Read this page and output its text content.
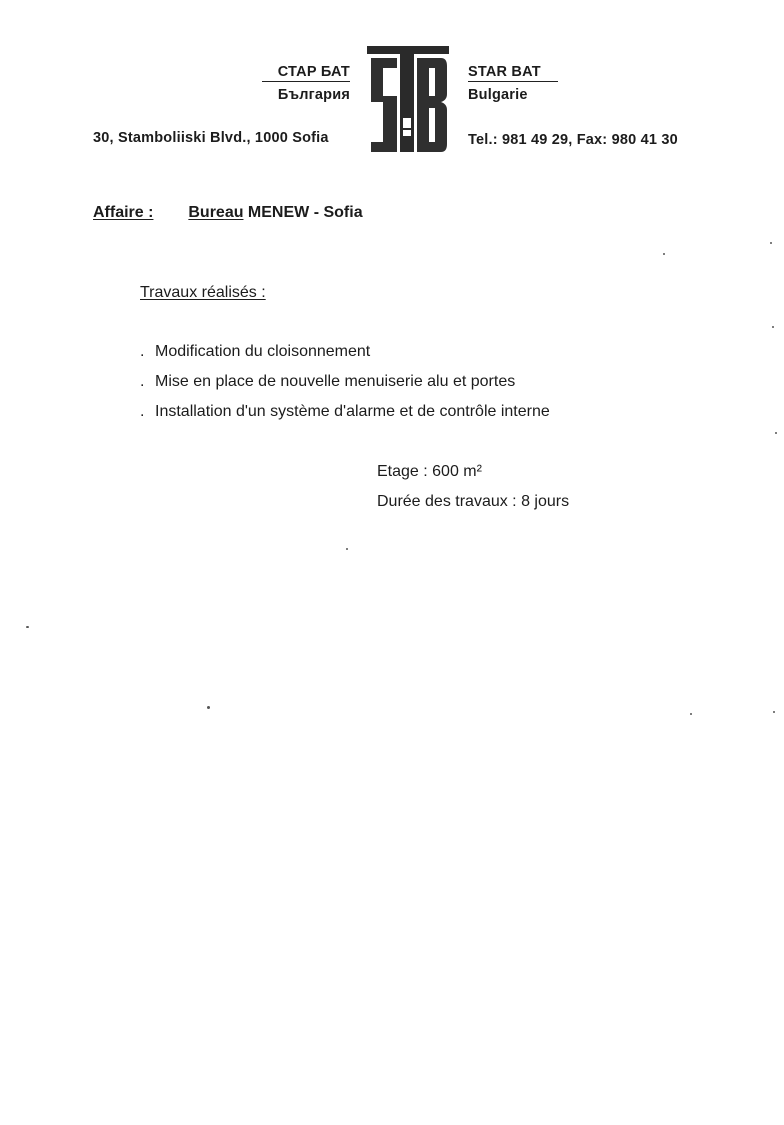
СТАР БАТ
България
30, Stamboliiski Blvd., 1000 Sofia
STAR BAT
Bulgarie
Tel.: 981 49 29, Fax: 980 41 30
Affaire : Bureau MENEW - Sofia
Travaux réalisés :
. Modification du cloisonnement
. Mise en place de nouvelle menuiserie alu et portes
. Installation d'un système d'alarme et de contrôle interne
Etage : 600 m²
Durée des travaux : 8 jours
